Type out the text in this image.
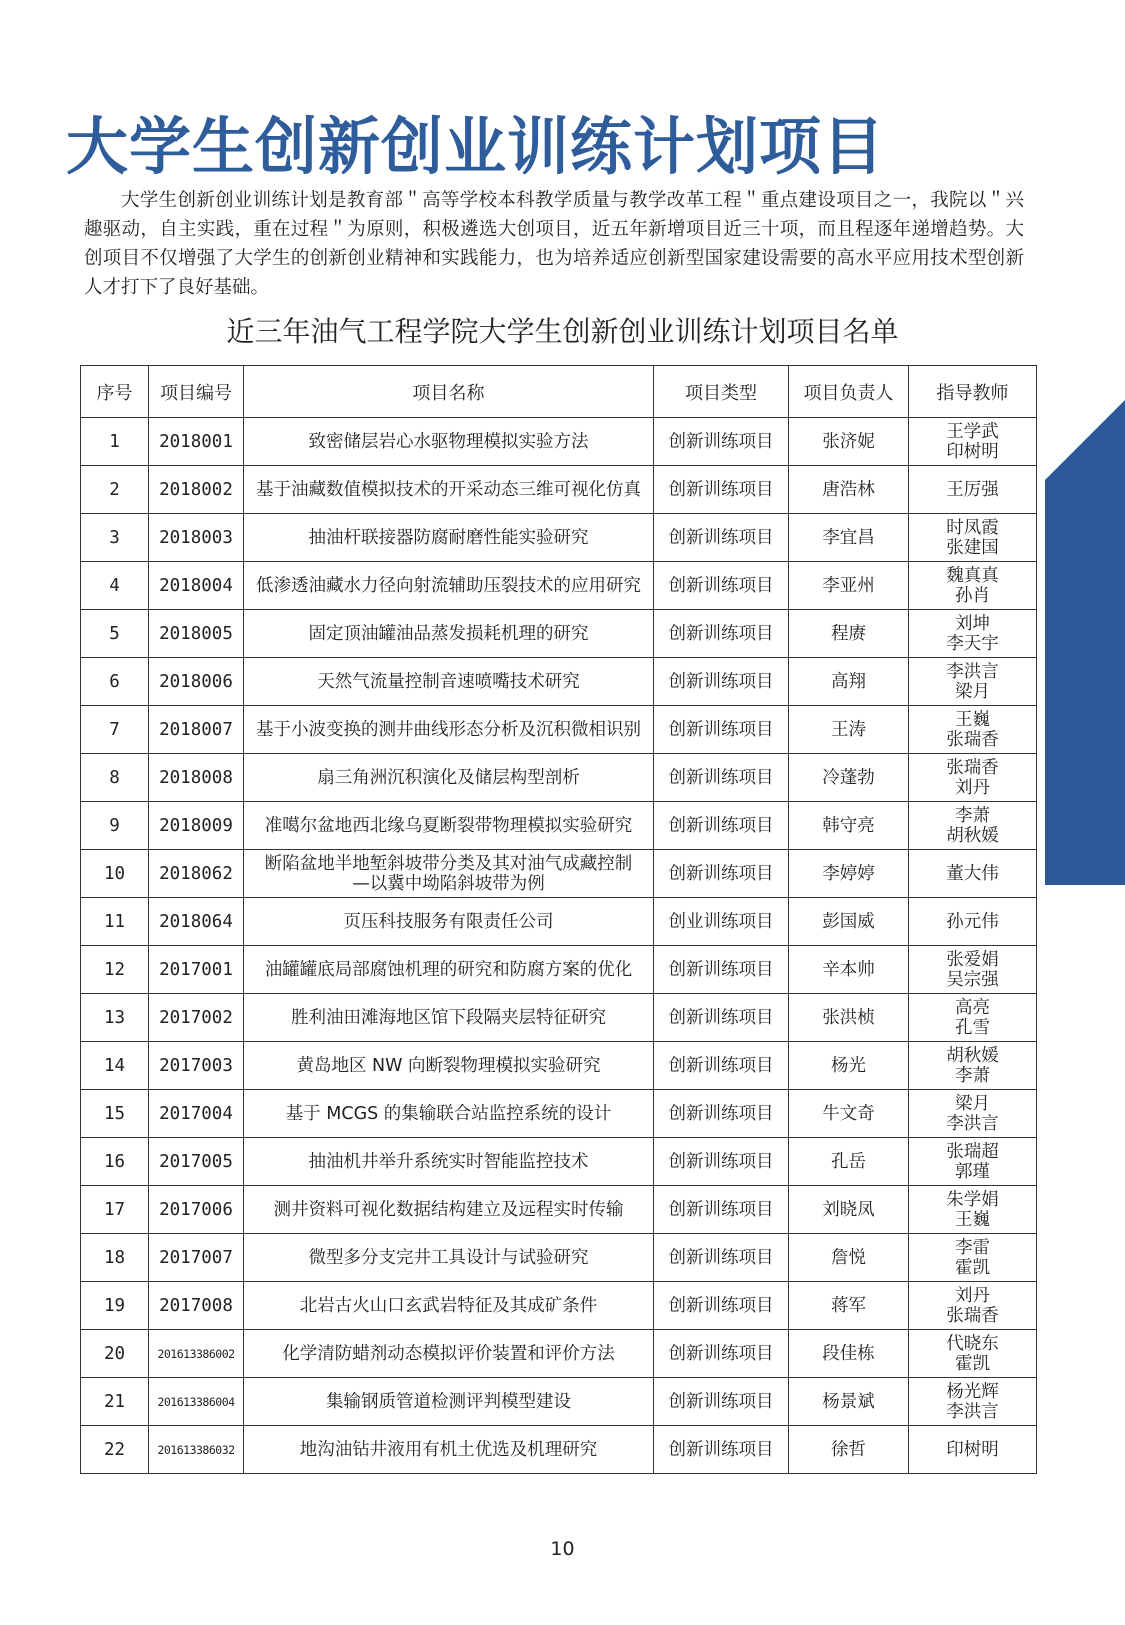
大学生创新创业训练计划项目

大学生创新创业训练计划是教育部＂高等学校本科教学质量与教学改革工程＂重点建设项目之一，我院以＂兴趣驱动，自主实践，重在过程＂为原则，积极遴选大创项目，近五年新增项目近三十项，而且程逐年递增趋势。大创项目不仅增强了大学生的创新创业精神和实践能力，也为培养适应创新型国家建设需要的高水平应用技术型创新人才打下了良好基础。

近三年油气工程学院大学生创新创业训练计划项目名单
序号	项目编号	项目名称	项目类型	项目负责人	指导教师
1	2018001	致密储层岩心水驱物理模拟实验方法	创新训练项目	张济妮	王学武
印树明
2	2018002	基于油藏数值模拟技术的开采动态三维可视化仿真	创新训练项目	唐浩林	王厉强
3	2018003	抽油杆联接器防腐耐磨性能实验研究	创新训练项目	李宜昌	时凤霞
张建国
4	2018004	低渗透油藏水力径向射流辅助压裂技术的应用研究	创新训练项目	李亚州	魏真真
孙肖
5	2018005	固定顶油罐油品蒸发损耗机理的研究	创新训练项目	程赓	刘坤
李天宇
6	2018006	天然气流量控制音速喷嘴技术研究	创新训练项目	高翔	李洪言
梁月
7	2018007	基于小波变换的测井曲线形态分析及沉积微相识别	创新训练项目	王涛	王巍
张瑞香
8	2018008	扇三角洲沉积演化及储层构型剖析	创新训练项目	冷蓬勃	张瑞香
刘丹
9	2018009	准噶尔盆地西北缘乌夏断裂带物理模拟实验研究	创新训练项目	韩守亮	李萧
胡秋媛
10	2018062	断陷盆地半地堑斜坡带分类及其对油气成藏控制
—以冀中坳陷斜坡带为例	创新训练项目	李婷婷	董大伟
11	2018064	页压科技服务有限责任公司	创业训练项目	彭国威	孙元伟
12	2017001	油罐罐底局部腐蚀机理的研究和防腐方案的优化	创新训练项目	辛本帅	张爱娟
吴宗强
13	2017002	胜利油田滩海地区馆下段隔夹层特征研究	创新训练项目	张洪桢	高亮
孔雪
14	2017003	黄岛地区 NW 向断裂物理模拟实验研究	创新训练项目	杨光	胡秋媛
李萧
15	2017004	基于 MCGS 的集输联合站监控系统的设计	创新训练项目	牛文奇	梁月
李洪言
16	2017005	抽油机井举升系统实时智能监控技术	创新训练项目	孔岳	张瑞超
郭瑾
17	2017006	测井资料可视化数据结构建立及远程实时传输	创新训练项目	刘晓凤	朱学娟
王巍
18	2017007	微型多分支完井工具设计与试验研究	创新训练项目	詹悦	李雷
霍凯
19	2017008	北岩古火山口玄武岩特征及其成矿条件	创新训练项目	蒋军	刘丹
张瑞香
20	201613386002	化学清防蜡剂动态模拟评价装置和评价方法	创新训练项目	段佳栋	代晓东
霍凯
21	201613386004	集输钢质管道检测评判模型建设	创新训练项目	杨景斌	杨光辉
李洪言
22	201613386032	地沟油钻井液用有机土优选及机理研究	创新训练项目	徐哲	印树明
10
